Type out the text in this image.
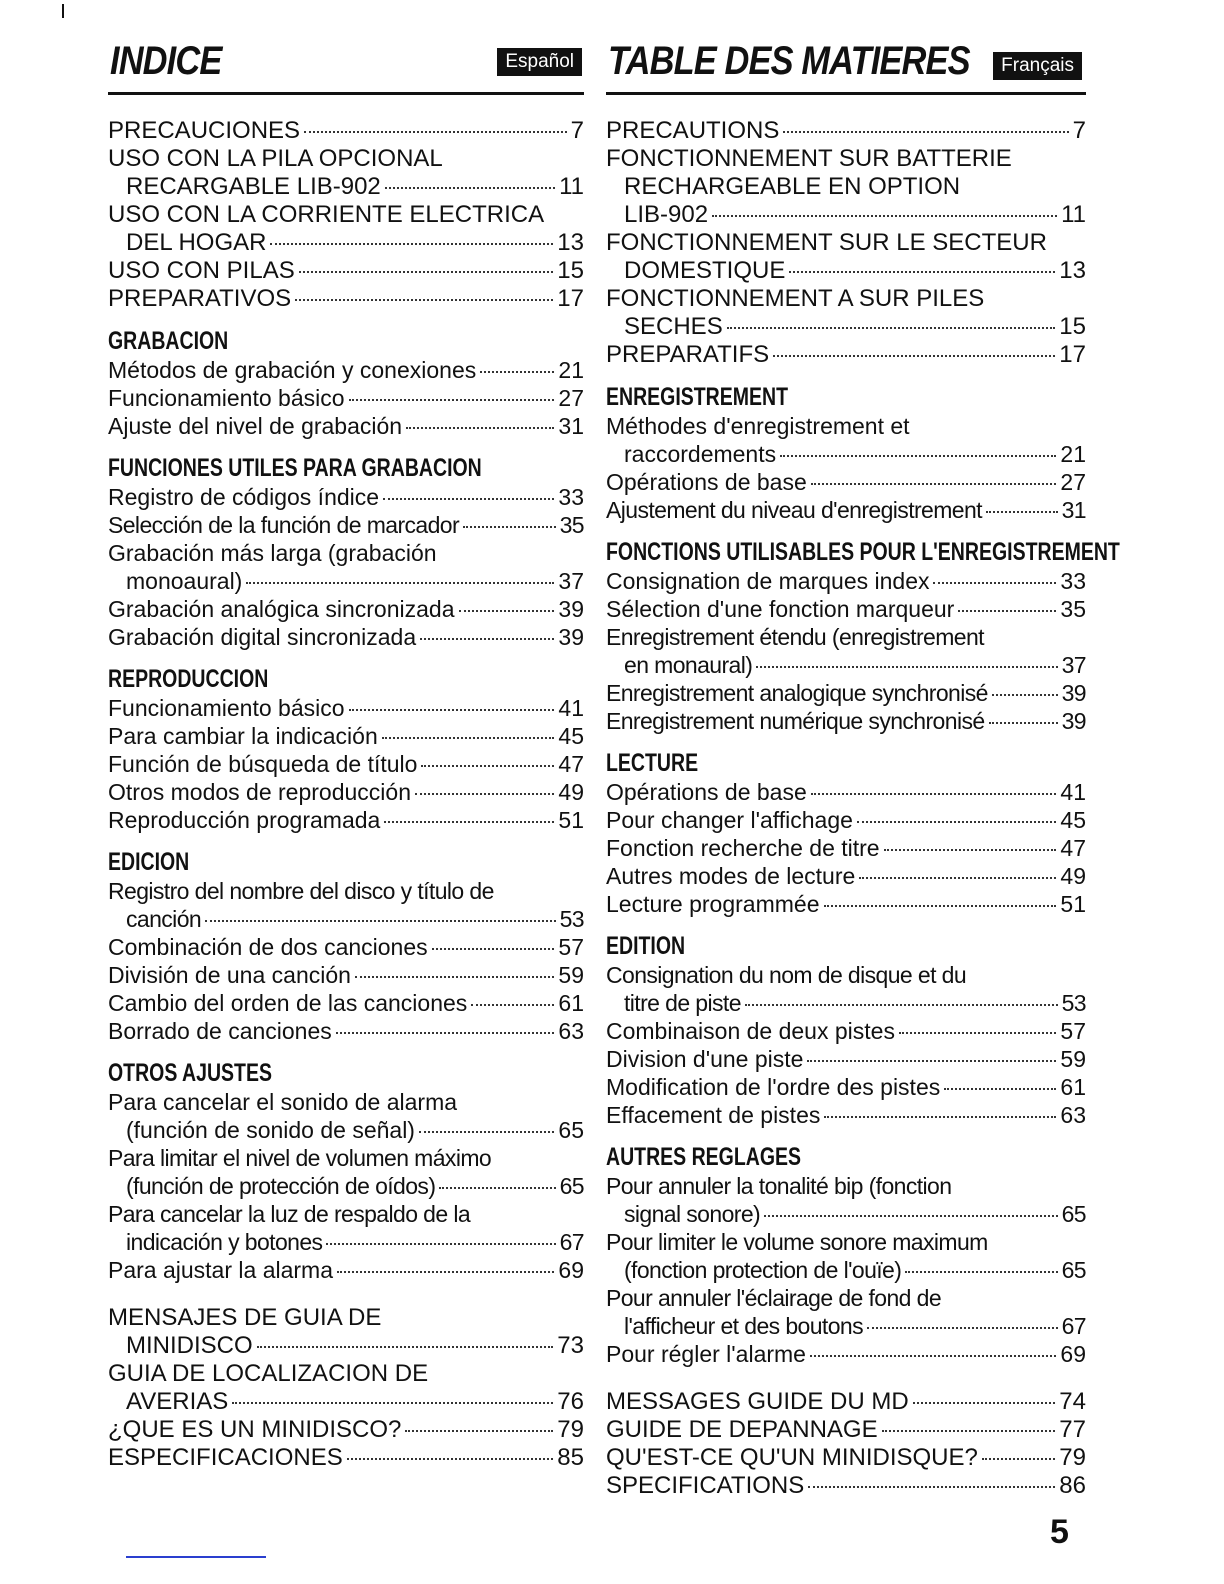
INDICE	Español
PRECAUCIONES	7
USO CON LA PILA OPCIONAL
RECARGABLE LIB-902	11
USO CON LA CORRIENTE ELECTRICA
DEL HOGAR	13
USO CON PILAS	15
PREPARATIVOS	17
GRABACION
Métodos de grabación y conexiones	21
Funcionamiento básico	27
Ajuste del nivel de grabación	31
FUNCIONES UTILES PARA GRABACION
Registro de códigos índice	33
Selección de la función de marcador	35
Grabación más larga (grabación
monoaural)	37
Grabación analógica sincronizada	39
Grabación digital sincronizada	39
REPRODUCCION
Funcionamiento básico	41
Para cambiar la indicación	45
Función de búsqueda de título	47
Otros modos de reproducción	49
Reproducción programada	51
EDICION
Registro del nombre del disco y título de
canción	53
Combinación de dos canciones	57
División de una canción	59
Cambio del orden de las canciones	61
Borrado de canciones	63
OTROS AJUSTES
Para cancelar el sonido de alarma
(función de sonido de señal)	65
Para limitar el nivel de volumen máximo
(función de protección de oídos)	65
Para cancelar la luz de respaldo de la
indicación y botones	67
Para ajustar la alarma	69
MENSAJES DE GUIA DE
MINIDISCO	73
GUIA DE LOCALIZACION DE
AVERIAS	76
¿QUE ES UN MINIDISCO?	79
ESPECIFICACIONES	85
TABLE DES MATIERES	Français
PRECAUTIONS	7
FONCTIONNEMENT SUR BATTERIE
RECHARGEABLE EN OPTION
LIB-902	11
FONCTIONNEMENT SUR LE SECTEUR
DOMESTIQUE	13
FONCTIONNEMENT A SUR PILES
SECHES	15
PREPARATIFS	17
ENREGISTREMENT
Méthodes d'enregistrement et
raccordements	21
Opérations de base	27
Ajustement du niveau d'enregistrement	31
FONCTIONS UTILISABLES POUR L'ENREGISTREMENT
Consignation de marques index	33
Sélection d'une fonction marqueur	35
Enregistrement étendu (enregistrement
en monaural)	37
Enregistrement analogique synchronisé	39
Enregistrement numérique synchronisé	39
LECTURE
Opérations de base	41
Pour changer l'affichage	45
Fonction recherche de titre	47
Autres modes de lecture	49
Lecture programmée	51
EDITION
Consignation du nom de disque et du
titre de piste	53
Combinaison de deux pistes	57
Division d'une piste	59
Modification de l'ordre des pistes	61
Effacement de pistes	63
AUTRES REGLAGES
Pour annuler la tonalité bip (fonction
signal sonore)	65
Pour limiter le volume sonore maximum
(fonction protection de l'ouïe)	65
Pour annuler l'éclairage de fond de
l'afficheur et des boutons	67
Pour régler l'alarme	69
MESSAGES GUIDE DU MD	74
GUIDE DE DEPANNAGE	77
QU'EST-CE QU'UN MINIDISQUE?	79
SPECIFICATIONS	86
5
